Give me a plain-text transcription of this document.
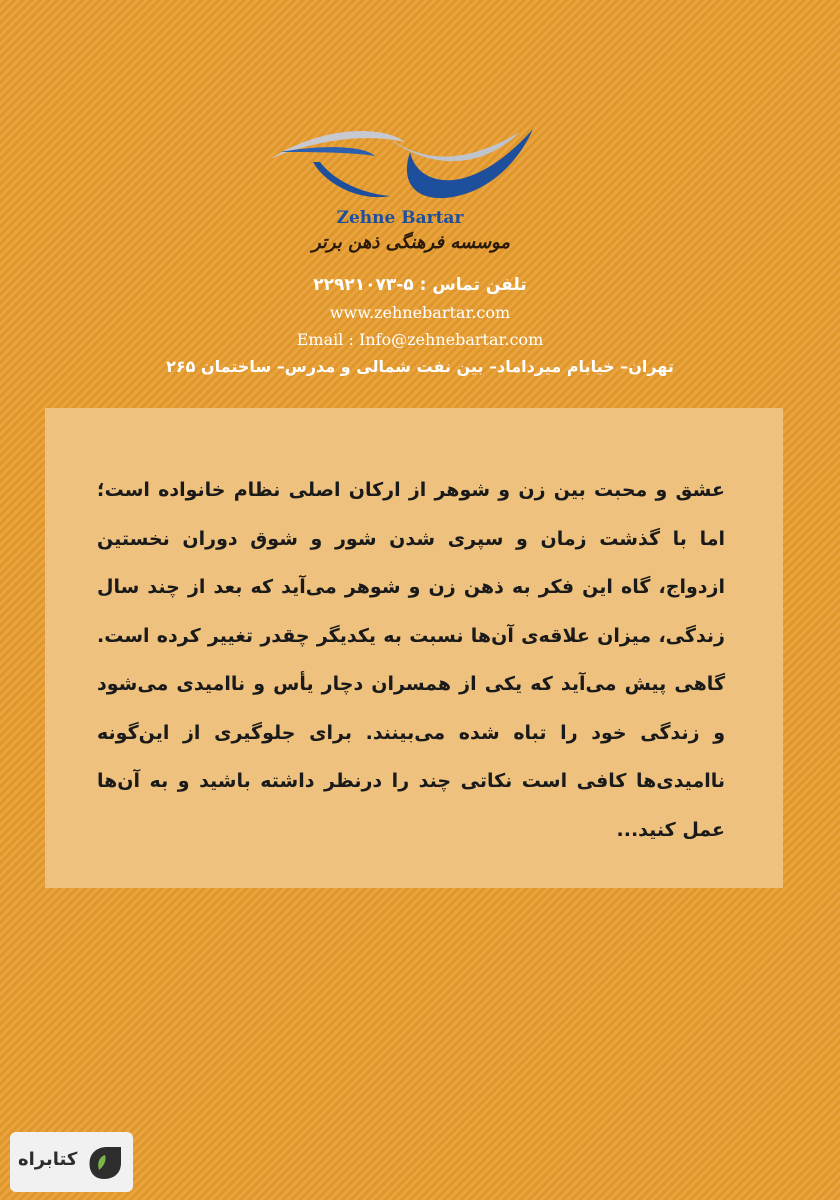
Zehne Bartar
موسسه فرهنگی ذهن برتر
تلفن تماس : ۵-۲۲۹۲۱۰۷۳
www.zehnebartar.com
Email : Info@zehnebartar.com
تهران– خیابام میرداماد– بین نفت شمالی و مدرس– ساختمان ۲۶۵

عشق و محبت بین زن و شوهر از ارکان اصلی نظام خانواده است؛ اما با گذشت زمان و سپری شدن شور و شوق دوران نخستین ازدواج، گاه این فکر به ذهن زن و شوهر می‌آید که بعد از چند سال زندگی، میزان علاقه‌ی آن‌ها نسبت به یکدیگر چقدر تغییر کرده است. گاهی پیش می‌آید که یکی از همسران دچار یأس و ناامیدی می‌شود و زندگی خود را تباه شده می‌بینند. برای جلوگیری از این‌گونه ناامیدی‌ها کافی است نکاتی چند را درنظر داشته باشید و به آن‌ها عمل کنید...

کتابراه
